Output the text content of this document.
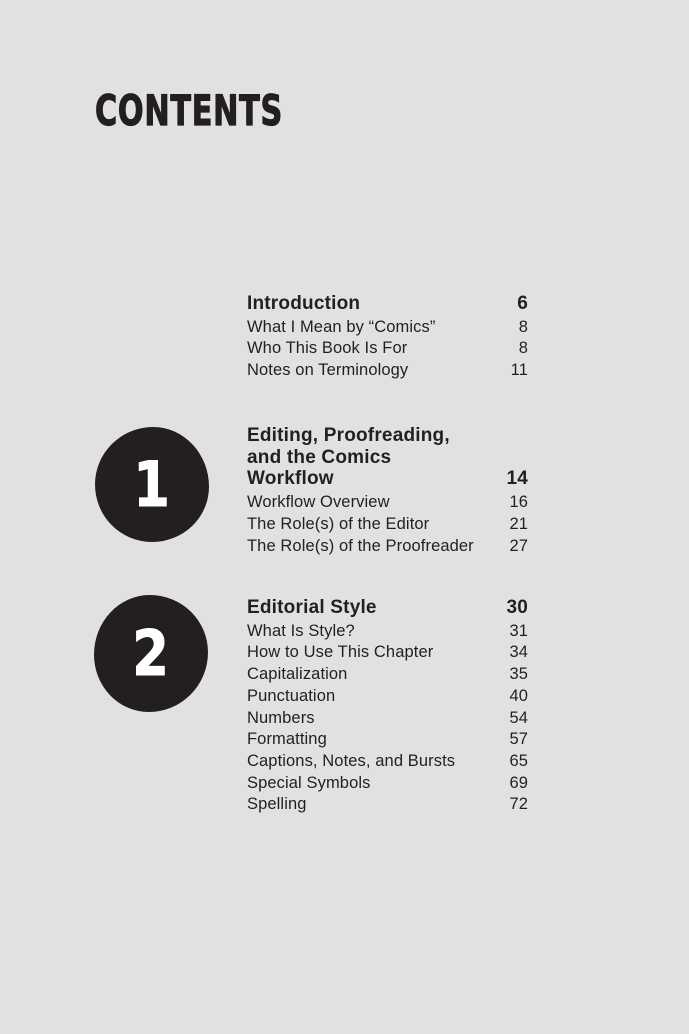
CONTENTS
Introduction	6
What I Mean by “Comics”	8
Who This Book Is For	8
Notes on Terminology	11
1
Editing, Proofreading,
and the Comics
Workflow	14
Workflow Overview	16
The Role(s) of the Editor	21
The Role(s) of the Proofreader 27
2
Editorial Style	30
What Is Style?	31
How to Use This Chapter	34
Capitalization	35
Punctuation	40
Numbers	54
Formatting	57
Captions, Notes, and Bursts	65
Special Symbols	69
Spelling	72
